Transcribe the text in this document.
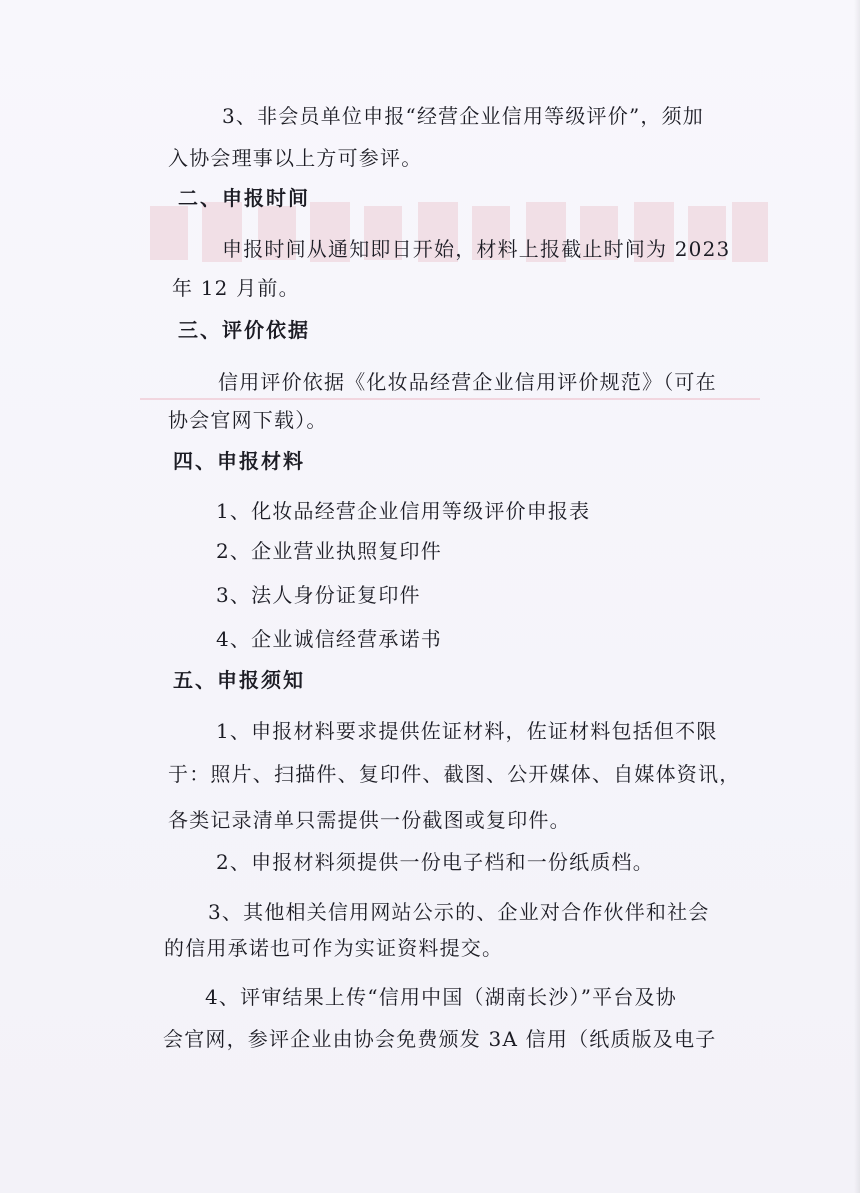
3、非会员单位申报“经营企业信用等级评价”，须加
入协会理事以上方可参评。
二、申报时间
申报时间从通知即日开始，材料上报截止时间为 2023
年 12 月前。
三、评价依据
信用评价依据《化妆品经营企业信用评价规范》（可在
协会官网下载）。
四、申报材料
1、化妆品经营企业信用等级评价申报表
2、企业营业执照复印件
3、法人身份证复印件
4、企业诚信经营承诺书
五、申报须知
1、申报材料要求提供佐证材料，佐证材料包括但不限
于：照片、扫描件、复印件、截图、公开媒体、自媒体资讯，
各类记录清单只需提供一份截图或复印件。
2、申报材料须提供一份电子档和一份纸质档。
3、其他相关信用网站公示的、企业对合作伙伴和社会
的信用承诺也可作为实证资料提交。
4、评审结果上传“信用中国（湖南长沙）”平台及协
会官网，参评企业由协会免费颁发 3A 信用（纸质版及电子
